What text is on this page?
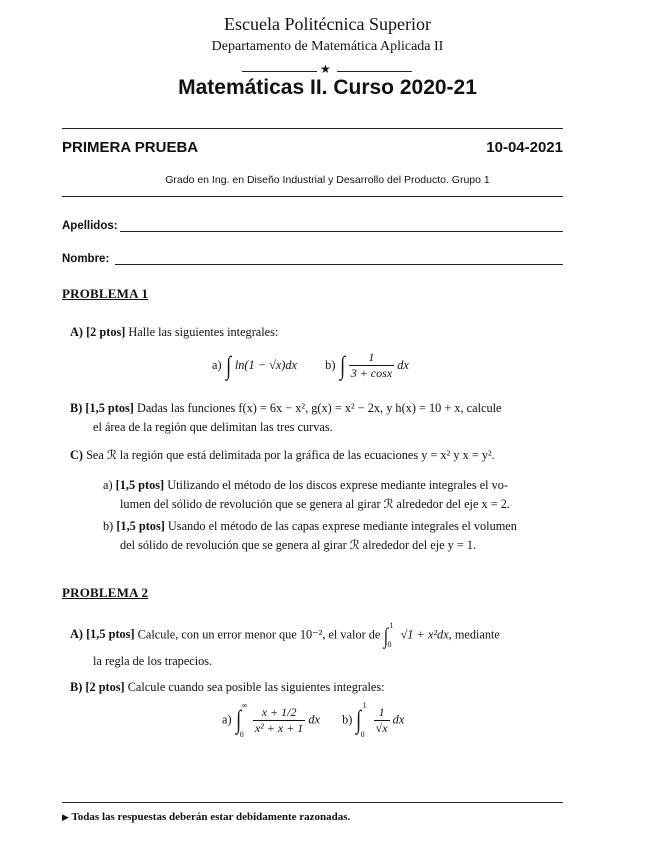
Escuela Politécnica Superior
Departamento de Matemática Aplicada II
★
Matemáticas II. Curso 2020-21
PRIMERA PRUEBA	10-04-2021
Grado en Ing. en Diseño Industrial y Desarrollo del Producto. Grupo 1
Apellidos:
Nombre:
PROBLEMA 1
A) [2 ptos] Halle las siguientes integrales:
a) ∫ ln(1 − √x)dx b) ∫ $\frac{1}{3 + \cos x}$ dx
B) [1,5 ptos] Dadas las funciones f(x) = 6x − x², g(x) = x² − 2x, y h(x) = 10 + x, calcule
el área de la región que delimitan las tres curvas.
C) Sea ℛ la región que está delimitada por la gráfica de las ecuaciones y = x² y x = y².
a) [1,5 ptos] Utilizando el método de los discos exprese mediante integrales el vo-
lumen del sólido de revolución que se genera al girar ℛ alrededor del eje x = 2.
b) [1,5 ptos] Usando el método de las capas exprese mediante integrales el volumen
del sólido de revolución que se genera al girar ℛ alrededor del eje y = 1.
PROBLEMA 2
A) [1,5 ptos] Calcule, con un error menor que 10⁻², el valor de ∫ 1
0
√1 + x²dx, mediante
la regla de los trapecios.
B) [2 ptos] Calcule cuando sea posible las siguientes integrales:
a) ∫ ∞
0
$\frac{x + 1/2}{\text{x² + x + 1}}$ dx b) ∫ 1
0
$\frac{1}{√x}$ dx
▶ Todas las respuestas deberán estar debidamente razonadas.
